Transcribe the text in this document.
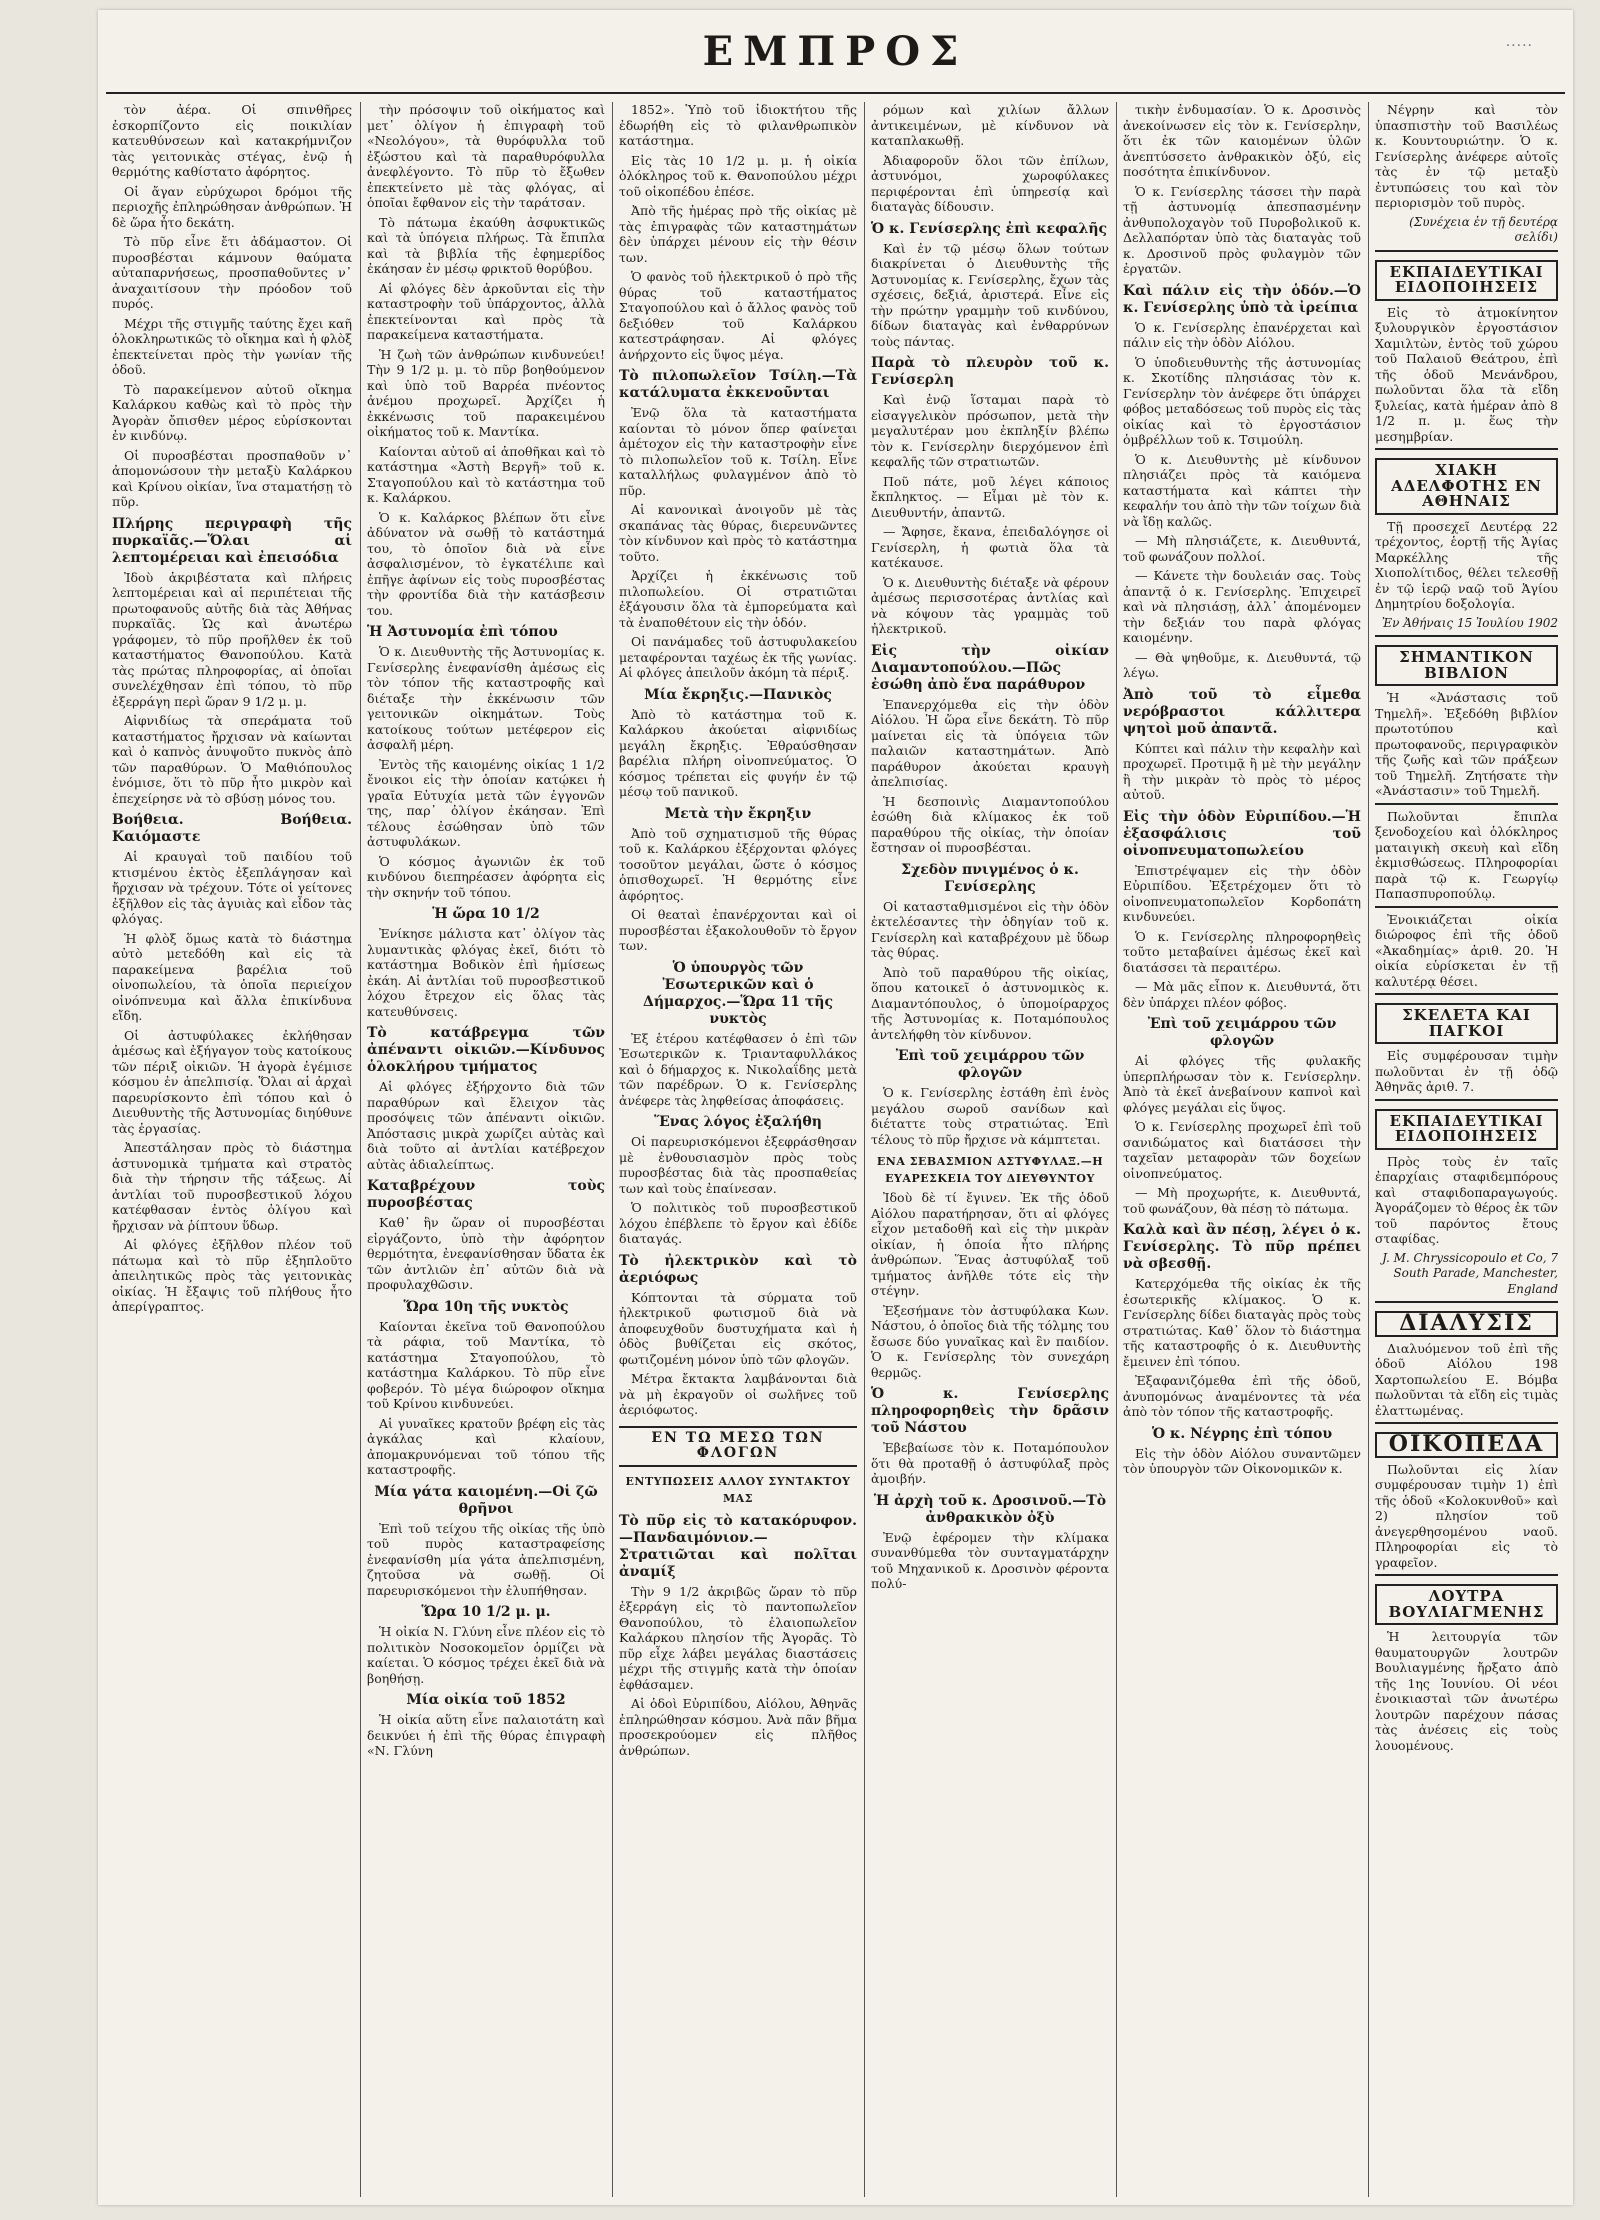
ΕΜΠΡΟΣ	·····

τὸν ἀέρα. Οἱ σπινθῆρες ἐσκορπίζοντο εἰς ποικιλίαν κατευθύνσεων καὶ κατακρήμνιζον τὰς γειτονικὰς στέγας, ἐνῷ ἡ θερμότης καθίστατο ἀφόρητος.

Οἱ ἄγαν εὐρύχωροι δρόμοι τῆς περιοχῆς ἐπληρώθησαν ἀνθρώπων. Ἡ δὲ ὥρα ἦτο δεκάτη.

Τὸ πῦρ εἶνε ἔτι ἀδάμαστον. Οἱ πυροσβέσται κάμνουν θαύματα αὐταπαρνήσεως, προσπαθοῦντες ν᾿ ἀναχαιτίσουν τὴν πρόοδον τοῦ πυρός.

Μέχρι τῆς στιγμῆς ταύτης ἔχει καῆ ὁλοκληρωτικῶς τὸ οἴκημα καὶ ἡ φλὸξ ἐπεκτείνεται πρὸς τὴν γωνίαν τῆς ὁδοῦ.

Τὸ παρακείμενον αὐτοῦ οἴκημα Καλάρκου καθὼς καὶ τὸ πρὸς τὴν Ἀγορὰν ὄπισθεν μέρος εὑρίσκονται ἐν κινδύνῳ.

Οἱ πυροσβέσται προσπαθοῦν ν᾿ ἀπομονώσουν τὴν μεταξὺ Καλάρκου καὶ Κρίνου οἰκίαν, ἵνα σταματήσῃ τὸ πῦρ.

Πλήρης περιγραφὴ τῆς πυρκαϊᾶς.—Ὅλαι αἱ λεπτομέρειαι καὶ ἐπεισόδια

Ἰδοὺ ἀκριβέστατα καὶ πλήρεις λεπτομέρειαι καὶ αἱ περιπέτειαι τῆς πρωτοφανοῦς αὐτῆς διὰ τὰς Ἀθήνας πυρκαϊᾶς. Ὡς καὶ ἀνωτέρω γράφομεν, τὸ πῦρ προῆλθεν ἐκ τοῦ καταστήματος Θανοπούλου. Κατὰ τὰς πρώτας πληροφορίας, αἱ ὁποῖαι συνελέχθησαν ἐπὶ τόπου, τὸ πῦρ ἐξερράγη περὶ ὥραν 9 1/2 μ. μ.

Αἰφνιδίως τὰ σπεράματα τοῦ καταστήματος ἤρχισαν νὰ καίωνται καὶ ὁ καπνὸς ἀνυψοῦτο πυκνὸς ἀπὸ τῶν παραθύρων. Ὁ Μαθιόπουλος ἐνόμισε, ὅτι τὸ πῦρ ἦτο μικρὸν καὶ ἐπεχείρησε νὰ τὸ σβύσῃ μόνος του.

Βοήθεια. Βοήθεια. Καιόμαστε

Αἱ κραυγαὶ τοῦ παιδίου τοῦ κτισμένου ἐκτὸς ἐξεπλάγησαν καὶ ἤρχισαν νὰ τρέχουν. Τότε οἱ γείτονες ἐξῆλθον εἰς τὰς ἀγυιὰς καὶ εἶδον τὰς φλόγας.

Ἡ φλὸξ ὅμως κατὰ τὸ διάστημα αὐτὸ μετεδόθη καὶ εἰς τὰ παρακείμενα βαρέλια τοῦ οἰνοπωλείου, τὰ ὁποῖα περιείχον οἰνόπνευμα καὶ ἄλλα ἐπικίνδυνα εἴδη.

Οἱ ἀστυφύλακες ἐκλήθησαν ἀμέσως καὶ ἐξήγαγον τοὺς κατοίκους τῶν πέριξ οἰκιῶν. Ἡ ἀγορὰ ἐγέμισε κόσμου ἐν ἀπελπισίᾳ. Ὅλαι αἱ ἀρχαὶ παρευρίσκοντο ἐπὶ τόπου καὶ ὁ Διευθυντὴς τῆς Ἀστυνομίας διηύθυνε τὰς ἐργασίας.

Ἀπεστάλησαν πρὸς τὸ διάστημα ἀστυνομικὰ τμήματα καὶ στρατὸς διὰ τὴν τήρησιν τῆς τάξεως. Αἱ ἀντλίαι τοῦ πυροσβεστικοῦ λόχου κατέφθασαν ἐντὸς ὀλίγου καὶ ἤρχισαν νὰ ῥίπτουν ὕδωρ.

Αἱ φλόγες ἐξῆλθον πλέον τοῦ πάτωμα καὶ τὸ πῦρ ἐξηπλοῦτο ἀπειλητικῶς πρὸς τὰς γειτονικὰς οἰκίας. Ἡ ἔξαψις τοῦ πλήθους ἦτο ἀπερίγραπτος.

τὴν πρόσοψιν τοῦ οἰκήματος καὶ μετ᾿ ὀλίγον ἡ ἐπιγραφὴ τοῦ «Νεολόγου», τὰ θυρόφυλλα τοῦ ἐξώστου καὶ τὰ παραθυρόφυλλα ἀνεφλέγοντο. Τὸ πῦρ τὸ ἔξωθεν ἐπεκτείνετο μὲ τὰς φλόγας, αἱ ὁποῖαι ἔφθανον εἰς τὴν ταράτσαν.

Τὸ πάτωμα ἐκαύθη ἀσφυκτικῶς καὶ τὰ ὑπόγεια πλήρως. Τὰ ἔπιπλα καὶ τὰ βιβλία τῆς ἐφημερίδος ἐκάησαν ἐν μέσῳ φρικτοῦ θορύβου.

Αἱ φλόγες δὲν ἀρκοῦνται εἰς τὴν καταστροφὴν τοῦ ὑπάρχοντος, ἀλλὰ ἐπεκτείνονται καὶ πρὸς τὰ παρακείμενα καταστήματα.

Ἡ ζωὴ τῶν ἀνθρώπων κινδυνεύει! Τὴν 9 1/2 μ. μ. τὸ πῦρ βοηθούμενον καὶ ὑπὸ τοῦ Βαρρέα πνέοντος ἀνέμου προχωρεῖ. Ἀρχίζει ἡ ἐκκένωσις τοῦ παρακειμένου οἰκήματος τοῦ κ. Μαντίκα.

Καίονται αὐτοῦ αἱ ἀποθῆκαι καὶ τὸ κατάστημα «Ἀστὴ Βεργῆ» τοῦ κ. Σταγοπούλου καὶ τὸ κατάστημα τοῦ κ. Καλάρκου.

Ὁ κ. Καλάρκος βλέπων ὅτι εἶνε ἀδύνατον νὰ σωθῇ τὸ κατάστημά του, τὸ ὁποῖον διὰ νὰ εἶνε ἀσφαλισμένον, τὸ ἐγκατέλιπε καὶ ἐπῆγε ἀφίνων εἰς τοὺς πυροσβέστας τὴν φροντίδα διὰ τὴν κατάσβεσιν του.

Ἡ Ἀστυνομία ἐπὶ τόπου

Ὁ κ. Διευθυντὴς τῆς Ἀστυνομίας κ. Γενίσερλης ἐνεφανίσθη ἀμέσως εἰς τὸν τόπον τῆς καταστροφῆς καὶ διέταξε τὴν ἐκκένωσιν τῶν γειτονικῶν οἰκημάτων. Τοὺς κατοίκους τούτων μετέφερον εἰς ἀσφαλῆ μέρη.

Ἐντὸς τῆς καιομένης οἰκίας 1 1/2 ἔνοικοι εἰς τὴν ὁποίαν κατῴκει ἡ γραῖα Εὐτυχία μετὰ τῶν ἐγγονῶν της, παρ᾿ ὀλίγον ἐκάησαν. Ἐπὶ τέλους ἐσώθησαν ὑπὸ τῶν ἀστυφυλάκων.

Ὁ κόσμος ἀγωνιῶν ἐκ τοῦ κινδύνου διεπηρέασεν ἀφόρητα εἰς τὴν σκηνήν τοῦ τόπου.

Ἡ ὥρα 10 1/2

Ἐνίκησε μάλιστα κατ᾿ ὀλίγον τὰς λυμαντικὰς φλόγας ἐκεῖ, διότι τὸ κατάστημα Βοδικὸν ἐπὶ ἡμίσεως ἐκάη. Αἱ ἀντλίαι τοῦ πυροσβεστικοῦ λόχου ἔτρεχον εἰς ὅλας τὰς κατευθύνσεις.

Τὸ κατάβρεγμα τῶν ἀπέναντι οἰκιῶν.—Κίνδυνος ὁλοκλήρου τμήματος

Αἱ φλόγες ἐξήρχοντο διὰ τῶν παραθύρων καὶ ἔλειχον τὰς προσόψεις τῶν ἀπέναντι οἰκιῶν. Ἀπόστασις μικρὰ χωρίζει αὐτὰς καὶ διὰ τοῦτο αἱ ἀντλίαι κατέβρεχον αὐτὰς ἀδιαλείπτως.

Καταβρέχουν τοὺς πυροσβέστας

Καθ᾿ ἣν ὥραν οἱ πυροσβέσται εἰργάζοντο, ὑπὸ τὴν ἀφόρητον θερμότητα, ἐνεφανίσθησαν ὕδατα ἐκ τῶν ἀντλιῶν ἐπ᾿ αὐτῶν διὰ νὰ προφυλαχθῶσιν.

Ὥρα 10η τῆς νυκτὸς

Καίονται ἐκεῖνα τοῦ Θανοπούλου τὰ ράφια, τοῦ Μαντίκα, τὸ κατάστημα Σταγοπούλου, τὸ κατάστημα Καλάρκου. Τὸ πῦρ εἶνε φοβερόν. Τὸ μέγα διώροφον οἴκημα τοῦ Κρίνου κινδυνεύει.

Αἱ γυναῖκες κρατοῦν βρέφη εἰς τὰς ἀγκάλας καὶ κλαίουν, ἀπομακρυνόμεναι τοῦ τόπου τῆς καταστροφῆς.

Μία γάτα καιομένη.—Οἱ ζῶ θρῆνοι

Ἐπὶ τοῦ τείχου τῆς οἰκίας τῆς ὑπὸ τοῦ πυρὸς καταστραφείσης ἐνεφανίσθη μία γάτα ἀπελπισμένη, ζητοῦσα νὰ σωθῇ. Οἱ παρευρισκόμενοι τὴν ἐλυπήθησαν.

Ὥρα 10 1/2 μ. μ.

Ἡ οἰκία Ν. Γλύνη εἶνε πλέον εἰς τὸ πολιτικὸν Νοσοκομεῖον ὁρμίζει νὰ καίεται. Ὁ κόσμος τρέχει ἐκεῖ διὰ νὰ βοηθήσῃ.

Μία οἰκία τοῦ 1852

Ἡ οἰκία αὕτη εἶνε παλαιοτάτη καὶ δεικνύει ἡ ἐπὶ τῆς θύρας ἐπιγραφὴ «Ν. Γλύνη

1852». Ὑπὸ τοῦ ἰδιοκτήτου τῆς ἐδωρήθη εἰς τὸ φιλανθρωπικὸν κατάστημα.

Εἰς τὰς 10 1/2 μ. μ. ἡ οἰκία ὁλόκληρος τοῦ κ. Θανοπούλου μέχρι τοῦ οἰκοπέδου ἐπέσε.

Ἀπὸ τῆς ἡμέρας πρὸ τῆς οἰκίας μὲ τὰς ἐπιγραφὰς τῶν καταστημάτων δὲν ὑπάρχει μένουν εἰς τὴν θέσιν των.

Ὁ φανὸς τοῦ ἠλεκτρικοῦ ὁ πρὸ τῆς θύρας τοῦ καταστήματος Σταγοπούλου καὶ ὁ ἄλλος φανὸς τοῦ δεξιόθεν τοῦ Καλάρκου κατεστράφησαν. Αἱ φλόγες ἀνήρχοντο εἰς ὕψος μέγα.

Τὸ πιλοπωλεῖον Τσίλη.—Τὰ κατάλυματα ἐκκενοῦνται

Ἐνῷ ὅλα τὰ καταστήματα καίονται τὸ μόνον ὅπερ φαίνεται ἀμέτοχον εἰς τὴν καταστροφὴν εἶνε τὸ πιλοπωλεῖον τοῦ κ. Τσίλη. Εἶνε καταλλήλως φυλαγμένον ἀπὸ τὸ πῦρ.

Αἱ κανονικαὶ ἀνοιγοῦν μὲ τὰς σκαπάνας τὰς θύρας, διερευνῶντες τὸν κίνδυνον καὶ πρὸς τὸ κατάστημα τοῦτο.

Ἀρχίζει ἡ ἐκκένωσις τοῦ πιλοπωλείου. Οἱ στρατιῶται ἐξάγουσιν ὅλα τὰ ἐμπορεύματα καὶ τὰ ἐναποθέτουν εἰς τὴν ὁδόν.

Οἱ πανάμαδες τοῦ ἀστυφυλακείου μεταφέρονται ταχέως ἐκ τῆς γωνίας. Αἱ φλόγες ἀπειλοῦν ἀκόμη τὰ πέριξ.

Μία ἔκρηξις.—Πανικὸς

Ἀπὸ τὸ κατάστημα τοῦ κ. Καλάρκου ἀκούεται αἰφνιδίως μεγάλη ἔκρηξις. Ἐθραύσθησαν βαρέλια πλήρη οἰνοπνεύματος. Ὁ κόσμος τρέπεται εἰς φυγήν ἐν τῷ μέσῳ τοῦ πανικοῦ.

Μετὰ τὴν ἔκρηξιν

Ἀπὸ τοῦ σχηματισμοῦ τῆς θύρας τοῦ κ. Καλάρκου ἐξέρχονται φλόγες τοσοῦτον μεγάλαι, ὥστε ὁ κόσμος ὀπισθοχωρεῖ. Ἡ θερμότης εἶνε ἀφόρητος.

Οἱ θεαταὶ ἐπανέρχονται καὶ οἱ πυροσβέσται ἐξακολουθοῦν τὸ ἔργον των.

Ὁ ὑπουργὸς τῶν Ἐσωτερικῶν καὶ ὁ Δήμαρχος.—Ὥρα 11 τῆς νυκτὸς

Ἐξ ἑτέρου κατέφθασεν ὁ ἐπὶ τῶν Ἐσωτερικῶν κ. Τριανταφυλλάκος καὶ ὁ δήμαρχος κ. Νικολαΐδης μετὰ τῶν παρέδρων. Ὁ κ. Γενίσερλης ἀνέφερε τὰς ληφθείσας ἀποφάσεις.

Ἕνας λόγος ἐξαλήθη

Οἱ παρευρισκόμενοι ἐξεφράσθησαν μὲ ἐνθουσιασμὸν πρὸς τοὺς πυροσβέστας διὰ τὰς προσπαθείας των καὶ τοὺς ἐπαίνεσαν.

Ὁ πολιτικὸς τοῦ πυροσβεστικοῦ λόχου ἐπέβλεπε τὸ ἔργον καὶ ἐδίδε διαταγάς.

Τὸ ἠλεκτρικὸν καὶ τὸ ἀεριόφως

Κόπτονται τὰ σύρματα τοῦ ἠλεκτρικοῦ φωτισμοῦ διὰ νὰ ἀποφευχθοῦν δυστυχήματα καὶ ἡ ὁδὸς βυθίζεται εἰς σκότος, φωτιζομένη μόνον ὑπὸ τῶν φλογῶν.

Μέτρα ἔκτακτα λαμβάνονται διὰ νὰ μὴ ἐκραγοῦν οἱ σωλῆνες τοῦ ἀεριόφωτος.

ΕΝ ΤΩ ΜΕΣΩ ΤΩΝ ΦΛΟΓΩΝ
ΕΝΤΥΠΩΣΕΙΣ ΑΛΛΟΥ ΣΥΝΤΑΚΤΟΥ ΜΑΣ
Τὸ πῦρ εἰς τὸ κατακόρυφον.—Πανδαιμόνιον.—Στρατιῶται καὶ πολῖται ἀναμίξ

Τὴν 9 1/2 ἀκριβῶς ὥραν τὸ πῦρ ἐξερράγη εἰς τὸ παντοπωλεῖον Θανοπούλου, τὸ ἐλαιοπωλεῖον Καλάρκου πλησίον τῆς Ἀγορᾶς. Τὸ πῦρ εἶχε λάβει μεγάλας διαστάσεις μέχρι τῆς στιγμῆς κατὰ τὴν ὁποίαν ἐφθάσαμεν.

Αἱ ὁδοὶ Εὐριπίδου, Αἰόλου, Ἀθηνᾶς ἐπληρώθησαν κόσμου. Ἀνὰ πᾶν βῆμα προσεκρούομεν εἰς πλῆθος ἀνθρώπων.

ρόμων καὶ χιλίων ἄλλων ἀντικειμένων, μὲ κίνδυνον νὰ καταπλακωθῇ.

Ἀδιαφοροῦν ὅλοι τῶν ἐπίλων, ἀστυνόμοι, χωροφύλακες περιφέρονται ἐπὶ ὑπηρεσίᾳ καὶ διαταγὰς δίδουσιν.

Ὁ κ. Γενίσερλης ἐπὶ κεφαλῆς

Καὶ ἐν τῷ μέσῳ ὅλων τούτων διακρίνεται ὁ Διευθυντὴς τῆς Ἀστυνομίας κ. Γενίσερλης, ἔχων τὰς σχέσεις, δεξιά, ἀριστερά. Εἶνε εἰς τὴν πρώτην γραμμὴν τοῦ κινδύνου, δίδων διαταγὰς καὶ ἐνθαρρύνων τοὺς πάντας.

Παρὰ τὸ πλευρὸν τοῦ κ. Γενίσερλη

Καὶ ἐνῷ ἵσταμαι παρὰ τὸ εἰσαγγελικὸν πρόσωπον, μετὰ τὴν μεγαλυτέραν μου ἐκπληξίν βλέπω τὸν κ. Γενίσερλην διερχόμενον ἐπὶ κεφαλῆς τῶν στρατιωτῶν.

Ποῦ πάτε, μοῦ λέγει κάποιος ἔκπληκτος. — Εἶμαι μὲ τὸν κ. Διευθυντήν, ἀπαντῶ.

— Ἄφησε, ἔκανα, ἐπειδαλόγησε οἱ Γενίσερλη, ἡ φωτιὰ ὅλα τὰ κατέκαυσε.

Ὁ κ. Διευθυντὴς διέταξε νὰ φέρουν ἀμέσως περισσοτέρας ἀντλίας καὶ νὰ κόψουν τὰς γραμμὰς τοῦ ἠλεκτρικοῦ.

Εἰς τὴν οἰκίαν Διαμαντοπούλου.—Πῶς ἐσώθη ἀπὸ ἕνα παράθυρον

Ἐπανερχόμεθα εἰς τὴν ὁδὸν Αἰόλου. Ἡ ὥρα εἶνε δεκάτη. Τὸ πῦρ μαίνεται εἰς τὰ ὑπόγεια τῶν παλαιῶν καταστημάτων. Ἀπὸ παράθυρον ἀκούεται κραυγὴ ἀπελπισίας.

Ἡ δεσποινὶς Διαμαντοπούλου ἐσώθη διὰ κλίμακος ἐκ τοῦ παραθύρου τῆς οἰκίας, τὴν ὁποίαν ἔστησαν οἱ πυροσβέσται.

Σχεδὸν πνιγμένος ὁ κ. Γενίσερλης

Οἱ κατασταθμισμένοι εἰς τὴν ὁδὸν ἐκτελέσαντες τὴν ὁδηγίαν τοῦ κ. Γενίσερλη καὶ καταβρέχουν μὲ ὕδωρ τὰς θύρας.

Ἀπὸ τοῦ παραθύρου τῆς οἰκίας, ὅπου κατοικεῖ ὁ ἀστυνομικὸς κ. Διαμαντόπουλος, ὁ ὑπομοίραρχος τῆς Ἀστυνομίας κ. Ποταμόπουλος ἀντελήφθη τὸν κίνδυνον.

Ἐπὶ τοῦ χειμάρρου τῶν φλογῶν

Ὁ κ. Γενίσερλης ἐστάθη ἐπὶ ἑνὸς μεγάλου σωροῦ σανίδων καὶ διέταττε τοὺς στρατιώτας. Ἐπὶ τέλους τὸ πῦρ ἤρχισε νὰ κάμπτεται.

ΕΝΑ ΣΕΒΑΣΜΙΟΝ ΑΣΤΥΦΥΛΑΞ.—Η ΕΥΑΡΕΣΚΕΙΑ ΤΟΥ ΔΙΕΥΘΥΝΤΟΥ

Ἰδοὺ δὲ τί ἔγινεν. Ἐκ τῆς ὁδοῦ Αἰόλου παρατήρησαν, ὅτι αἱ φλόγες εἶχον μεταδοθῆ καὶ εἰς τὴν μικρὰν οἰκίαν, ἡ ὁποία ἦτο πλήρης ἀνθρώπων. Ἕνας ἀστυφύλαξ τοῦ τμήματος ἀνῆλθε τότε εἰς τὴν στέγην.

Ἐξεσήμανε τὸν ἀστυφύλακα Κων. Νάστου, ὁ ὁποῖος διὰ τῆς τόλμης του ἔσωσε δύο γυναῖκας καὶ ἓν παιδίον. Ὁ κ. Γενίσερλης τὸν συνεχάρη θερμῶς.

Ὁ κ. Γενίσερλης πληροφορηθεὶς τὴν δρᾶσιν τοῦ Νάστου

Ἐβεβαίωσε τὸν κ. Ποταμόπουλον ὅτι θὰ προταθῇ ὁ ἀστυφύλαξ πρὸς ἀμοιβήν.

Ἡ ἀρχὴ τοῦ κ. Δροσινοῦ.—Τὸ ἀνθρακικὸν ὀξὺ

Ἐνῷ ἐφέρομεν τὴν κλίμακα συνανθύμεθα τὸν συνταγματάρχην τοῦ Μηχανικοῦ κ. Δροσινὸν φέροντα πολύ-

τικὴν ἐνδυμασίαν. Ὁ κ. Δροσινὸς ἀνεκοίνωσεν εἰς τὸν κ. Γενίσερλην, ὅτι ἐκ τῶν καιομένων ὑλῶν ἀνεπτύσσετο ἀνθρακικὸν ὀξύ, εἰς ποσότητα ἐπικίνδυνον.

Ὁ κ. Γενίσερλης τάσσει τὴν παρὰ τῇ ἀστυνομίᾳ ἀπεσπασμένην ἀνθυπολοχαγὸν τοῦ Πυροβολικοῦ κ. Δελλαπόρταν ὑπὸ τὰς διαταγὰς τοῦ κ. Δροσινοῦ πρὸς φυλαγμὸν τῶν ἐργατῶν.

Καὶ πάλιν εἰς τὴν ὁδόν.—Ὁ κ. Γενίσερλης ὑπὸ τὰ ἰρείπια

Ὁ κ. Γενίσερλης ἐπανέρχεται καὶ πάλιν εἰς τὴν ὁδὸν Αἰόλου.

Ὁ ὑποδιευθυντὴς τῆς ἀστυνομίας κ. Σκοτίδης πλησιάσας τὸν κ. Γενίσερλην τὸν ἀνέφερε ὅτι ὑπάρχει φόβος μεταδόσεως τοῦ πυρὸς εἰς τὰς οἰκίας καὶ τὸ ἐργοστάσιον ὁμβρέλλων τοῦ κ. Τσιμούλη.

Ὁ κ. Διευθυντὴς μὲ κίνδυνον πλησιάζει πρὸς τὰ καιόμενα καταστήματα καὶ κάπτει τὴν κεφαλήν του ἀπὸ τὴν τῶν τοίχων διὰ νὰ ἴδῃ καλῶς.

— Μὴ πλησιάζετε, κ. Διευθυντά, τοῦ φωνάζουν πολλοί.

— Κάνετε τὴν δουλειάν σας. Τοὺς ἀπαντᾷ ὁ κ. Γενίσερλης. Ἐπιχειρεῖ καὶ νὰ πλησιάσῃ, ἀλλ᾿ ἀπομένομεν τὴν δεξιάν του παρὰ φλόγας καιομένην.

— Θὰ ψηθοῦμε, κ. Διευθυντά, τῷ λέγω.

Ἀπὸ τοῦ τὸ εἶμεθα νερόβραστοι κάλλιτερα ψητοὶ μοῦ ἀπαντᾶ.

Κύπτει καὶ πάλιν τὴν κεφαλὴν καὶ προχωρεῖ. Προτιμᾷ ἢ μὲ τὴν μεγάλην ἢ τὴν μικρὰν τὸ πρὸς τὸ μέρος αὐτοῦ.

Εἰς τὴν ὁδὸν Εὐριπίδου.—Ἡ ἐξασφάλισις τοῦ οἰνοπνευματοπωλείου

Ἐπιστρέψαμεν εἰς τὴν ὁδὸν Εὐριπίδου. Ἐξετρέχομεν ὅτι τὸ οἰνοπνευματοπωλεῖον Κορδοπάτη κινδυνεύει.

Ὁ κ. Γενίσερλης πληροφορηθεὶς τοῦτο μεταβαίνει ἀμέσως ἐκεῖ καὶ διατάσσει τὰ περαιτέρω.

— Μὰ μᾶς εἶπον κ. Διευθυντά, ὅτι δὲν ὑπάρχει πλέον φόβος.

Ἐπὶ τοῦ χειμάρρου τῶν φλογῶν

Αἱ φλόγες τῆς φυλακῆς ὑπερπλήρωσαν τὸν κ. Γενίσερλην. Ἀπὸ τὰ ἐκεῖ ἀνεβαίνουν καπνοὶ καὶ φλόγες μεγάλαι εἰς ὕψος.

Ὁ κ. Γενίσερλης προχωρεῖ ἐπὶ τοῦ σανιδώματος καὶ διατάσσει τὴν ταχεῖαν μεταφορὰν τῶν δοχείων οἰνοπνεύματος.

— Μὴ προχωρήτε, κ. Διευθυντά, τοῦ φωνάζουν, θὰ πέσῃ τὸ πάτωμα.

Καλὰ καὶ ἂν πέσῃ, λέγει ὁ κ. Γενίσερλης. Τὸ πῦρ πρέπει νὰ σβεσθῇ.

Κατερχόμεθα τῆς οἰκίας ἐκ τῆς ἐσωτερικῆς κλίμακος. Ὁ κ. Γενίσερλης δίδει διαταγὰς πρὸς τοὺς στρατιώτας. Καθ᾿ ὅλον τὸ διάστημα τῆς καταστροφῆς ὁ κ. Διευθυντὴς ἔμεινεν ἐπὶ τόπου.

Ἐξαφανιζόμεθα ἐπὶ τῆς ὁδοῦ, ἀνυπομόνως ἀναμένοντες τὰ νέα ἀπὸ τὸν τόπον τῆς καταστροφῆς.

Ὁ κ. Νέγρης ἐπὶ τόπου

Εἰς τὴν ὁδὸν Αἰόλου συναντῶμεν τὸν ὑπουργὸν τῶν Οἰκονομικῶν κ.

Νέγρην καὶ τὸν ὑπασπιστὴν τοῦ Βασιλέως κ. Κουντουριώτην. Ὁ κ. Γενίσερλης ἀνέφερε αὐτοῖς τὰς ἐν τῷ μεταξὺ ἐντυπώσεις του καὶ τὸν περιορισμὸν τοῦ πυρὸς.

(Συνέχεια ἐν τῇ δευτέρᾳ σελίδι)
ΕΚΠΑΙΔΕΥΤΙΚΑΙ ΕΙΔΟΠΟΙΗΣΕΙΣ

Εἰς τὸ ἀτμοκίνητον ξυλουργικὸν ἐργοστάσιον Χαμιλτὼν, ἐντὸς τοῦ χώρου τοῦ Παλαιοῦ Θεάτρου, ἐπὶ τῆς ὁδοῦ Μενάνδρου, πωλοῦνται ὅλα τὰ εἴδη ξυλείας, κατὰ ἡμέραν ἀπὸ 8 1/2 π. μ. ἕως τὴν μεσημβρίαν.

ΧΙΑΚΗ ΑΔΕΛΦΟΤΗΣ ΕΝ ΑΘΗΝΑΙΣ

Τῇ προσεχεῖ Δευτέρᾳ 22 τρέχοντος, ἑορτῇ τῆς Ἁγίας Μαρκέλλης τῆς Χιοπολίτιδος, θέλει τελεσθῇ ἐν τῷ ἱερῷ ναῷ τοῦ Ἁγίου Δημητρίου δοξολογία.

Ἐν Ἀθήναις 15 Ἰουλίου 1902
ΣΗΜΑΝΤΙΚΟΝ ΒΙΒΛΙΟΝ

Ἡ «Ἀνάστασις τοῦ Τημελῆ». Ἐξεδόθη βιβλίον πρωτοτύπου καὶ πρωτοφανοῦς, περιγραφικὸν τῆς ζωῆς καὶ τῶν πράξεων τοῦ Τημελῆ. Ζητήσατε τὴν «Ἀνάστασιν» τοῦ Τημελῆ.

Πωλοῦνται ἔπιπλα ξενοδοχείου καὶ ὁλόκληρος ματαιγικὴ σκευὴ καὶ εἴδη ἐκμισθώσεως. Πληροφορίαι παρὰ τῷ κ. Γεωργίῳ Παπασπυροπούλῳ.

Ἐνοικιάζεται οἰκία διώροφος ἐπὶ τῆς ὁδοῦ «Ἀκαδημίας» ἀριθ. 20. Ἡ οἰκία εὑρίσκεται ἐν τῇ καλυτέρᾳ θέσει.

ΣΚΕΛΕΤΑ ΚΑΙ ΠΑΓΚΟΙ

Εἰς συμφέρουσαν τιμὴν πωλοῦνται ἐν τῇ ὁδῷ Ἀθηνᾶς ἀριθ. 7.

ΕΚΠΑΙΔΕΥΤΙΚΑΙ ΕΙΔΟΠΟΙΗΣΕΙΣ

Πρὸς τοὺς ἐν ταῖς ἐπαρχίαις σταφιδεμπόρους καὶ σταφιδοπαραγωγούς. Ἀγοράζομεν τὸ θέρος ἐκ τῶν τοῦ παρόντος ἔτους σταφίδας.

J. M. Chryssicopoulo et Co, 7 South Parade, Manchester, England
ΔΙΑΛΥΣΙΣ

Διαλυόμενον τοῦ ἐπὶ τῆς ὁδοῦ Αἰόλου 198 Χαρτοπωλείου Ε. Βόμβα πωλοῦνται τὰ εἴδη εἰς τιμὰς ἐλαττωμένας.

ΟΙΚΟΠΕΔΑ

Πωλοῦνται εἰς λίαν συμφέρουσαν τιμὴν 1) ἐπὶ τῆς ὁδοῦ «Κολοκυνθοῦ» καὶ 2) πλησίον τοῦ ἀνεγερθησομένου ναοῦ. Πληροφορίαι εἰς τὸ γραφεῖον.

ΛΟΥΤΡΑ ΒΟΥΛΙΑΓΜΕΝΗΣ

Ἡ λειτουργία τῶν θαυματουργῶν λουτρῶν Βουλιαγμένης ἤρξατο ἀπὸ τῆς 1ης Ἰουνίου. Οἱ νέοι ἐνοικιασταὶ τῶν ἀνωτέρω λουτρῶν παρέχουν πάσας τὰς ἀνέσεις εἰς τοὺς λουομένους.
